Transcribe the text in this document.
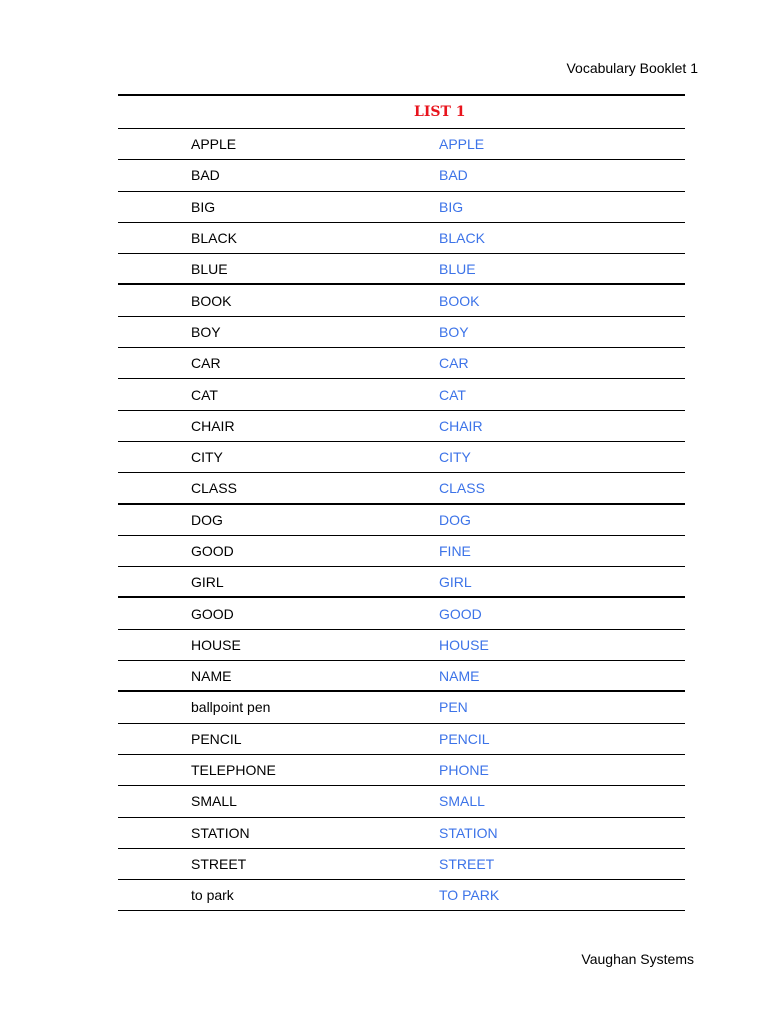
Vocabulary Booklet 1
LIST 1
APPLE	APPLE
BAD	BAD
BIG	BIG
BLACK	BLACK
BLUE	BLUE
BOOK	BOOK
BOY	BOY
CAR	CAR
CAT	CAT
CHAIR	CHAIR
CITY	CITY
CLASS	CLASS
DOG	DOG
GOOD	FINE
GIRL	GIRL
GOOD	GOOD
HOUSE	HOUSE
NAME	NAME
ballpoint pen	PEN
PENCIL	PENCIL
TELEPHONE	PHONE
SMALL	SMALL
STATION	STATION
STREET	STREET
to park	TO PARK
Vaughan Systems
